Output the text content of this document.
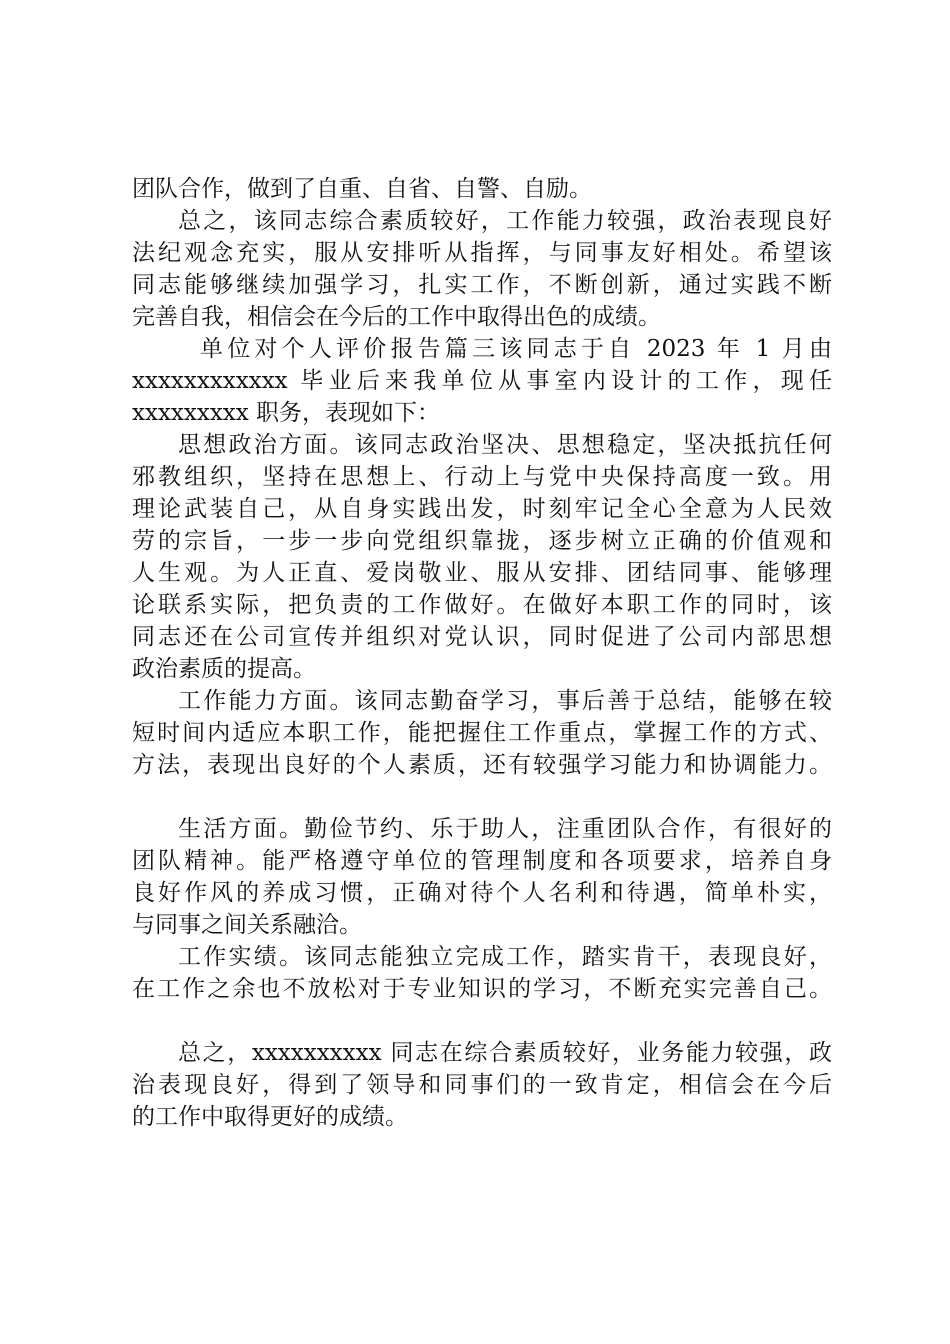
团队合作，做到了自重、自省、自警、自励。
总之，该同志综合素质较好，工作能力较强，政治表现良好
法纪观念充实，服从安排听从指挥，与同事友好相处。希望该
同志能够继续加强学习，扎实工作，不断创新，通过实践不断
完善自我，相信会在今后的工作中取得出色的成绩。
单位对个人评价报告篇三该同志于自 2023 年 1 月由
xxxxxxxxxxxx 毕业后来我单位从事室内设计的工作，现任
xxxxxxxxx 职务，表现如下：
思想政治方面。该同志政治坚决、思想稳定，坚决抵抗任何
邪教组织，坚持在思想上、行动上与党中央保持高度一致。用
理论武装自己，从自身实践出发，时刻牢记全心全意为人民效
劳的宗旨，一步一步向党组织靠拢，逐步树立正确的价值观和
人生观。为人正直、爱岗敬业、服从安排、团结同事、能够理
论联系实际，把负责的工作做好。在做好本职工作的同时，该
同志还在公司宣传并组织对党认识，同时促进了公司内部思想
政治素质的提高。
工作能力方面。该同志勤奋学习，事后善于总结，能够在较
短时间内适应本职工作，能把握住工作重点，掌握工作的方式、
方法，表现出良好的个人素质，还有较强学习能力和协调能力。
生活方面。勤俭节约、乐于助人，注重团队合作，有很好的
团队精神。能严格遵守单位的管理制度和各项要求，培养自身
良好作风的养成习惯，正确对待个人名利和待遇，简单朴实，
与同事之间关系融洽。
工作实绩。该同志能独立完成工作，踏实肯干，表现良好，
在工作之余也不放松对于专业知识的学习，不断充实完善自己。
总之，xxxxxxxxxx 同志在综合素质较好，业务能力较强，政
治表现良好，得到了领导和同事们的一致肯定，相信会在今后
的工作中取得更好的成绩。
